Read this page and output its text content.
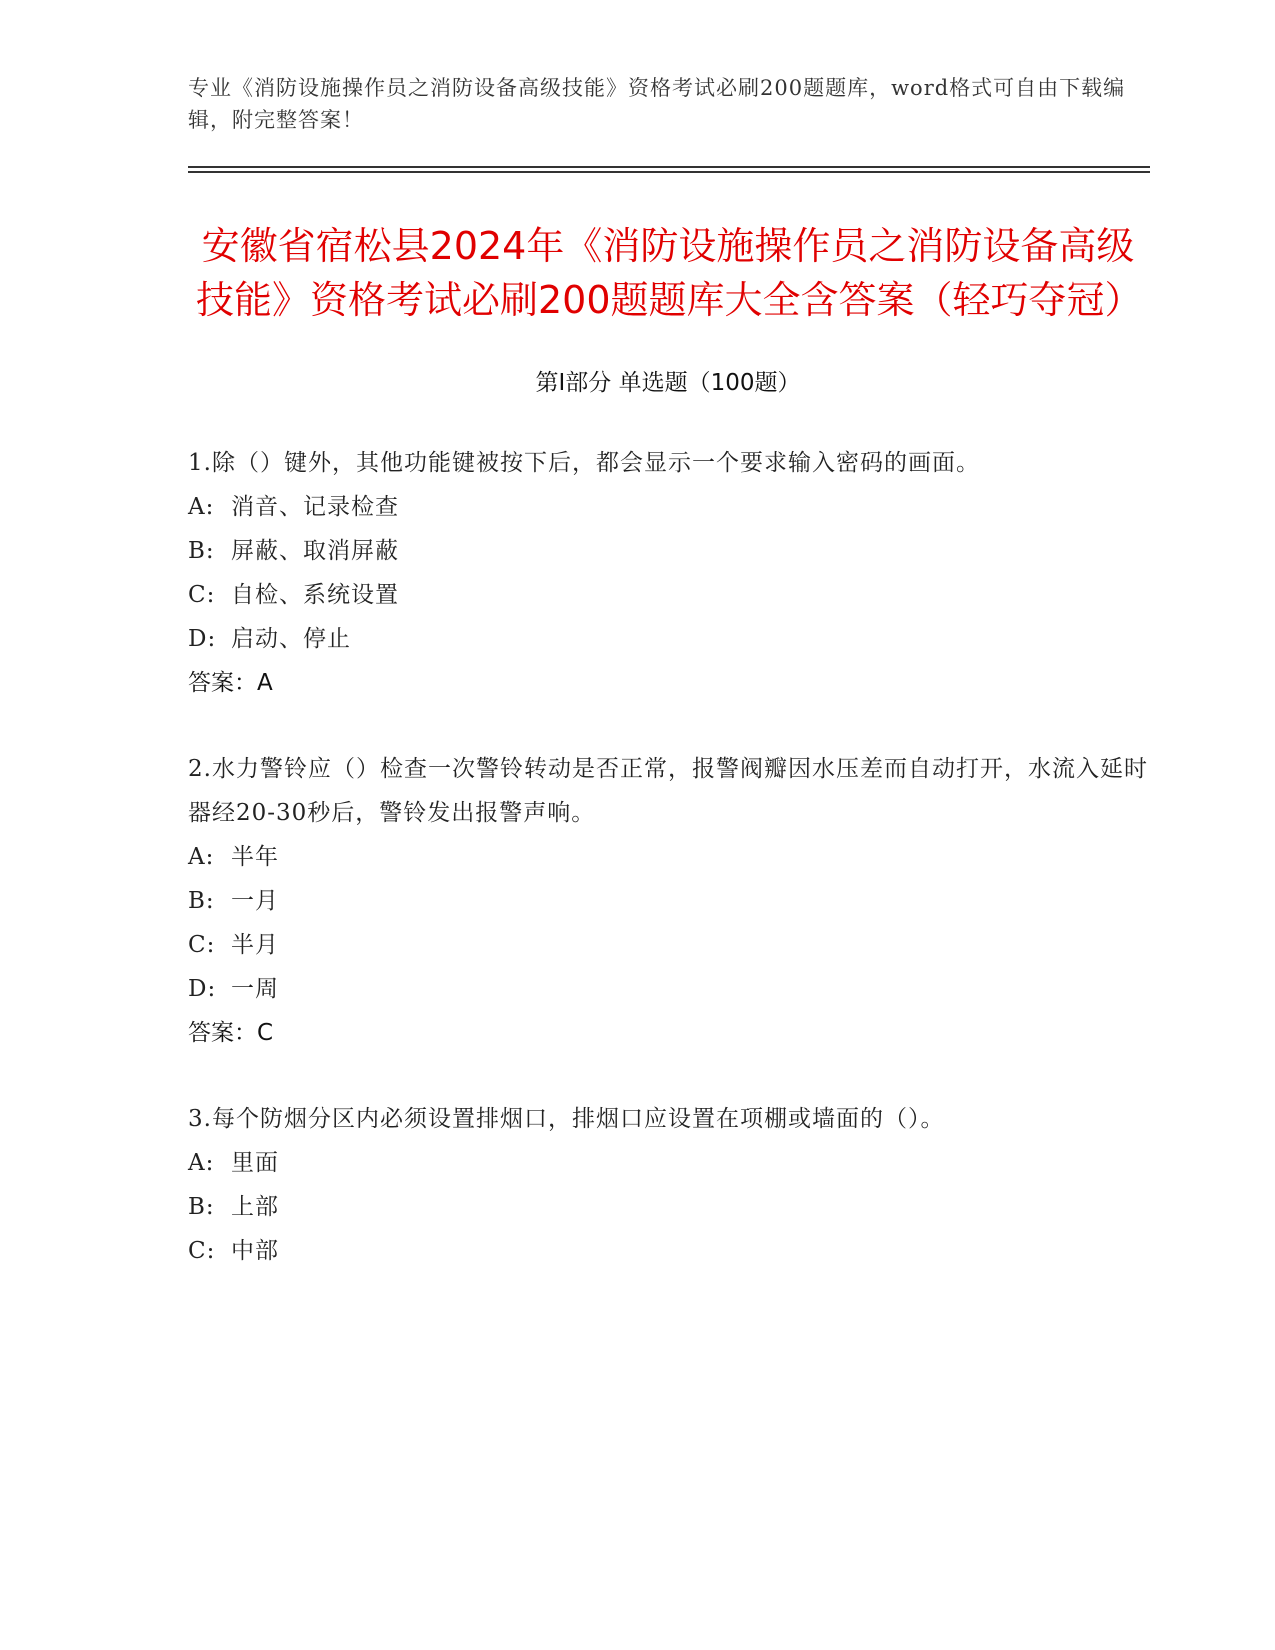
专业《消防设施操作员之消防设备高级技能》资格考试必刷200题题库，word格式可自由下载编辑，附完整答案！
安徽省宿松县2024年《消防设施操作员之消防设备高级技能》资格考试必刷200题题库大全含答案（轻巧夺冠）
第Ⅰ部分 单选题（100题）
1.除（）键外，其他功能键被按下后，都会显示一个要求输入密码的画面。
A: 消音、记录检查
B: 屏蔽、取消屏蔽
C: 自检、系统设置
D: 启动、停止
答案：A
2.水力警铃应（）检查一次警铃转动是否正常，报警阀瓣因水压差而自动打开，水流入延时器经20-30秒后，警铃发出报警声响。
A: 半年
B: 一月
C: 半月
D: 一周
答案：C
3.每个防烟分区内必须设置排烟口，排烟口应设置在项棚或墙面的（）。
A: 里面
B: 上部
C: 中部
